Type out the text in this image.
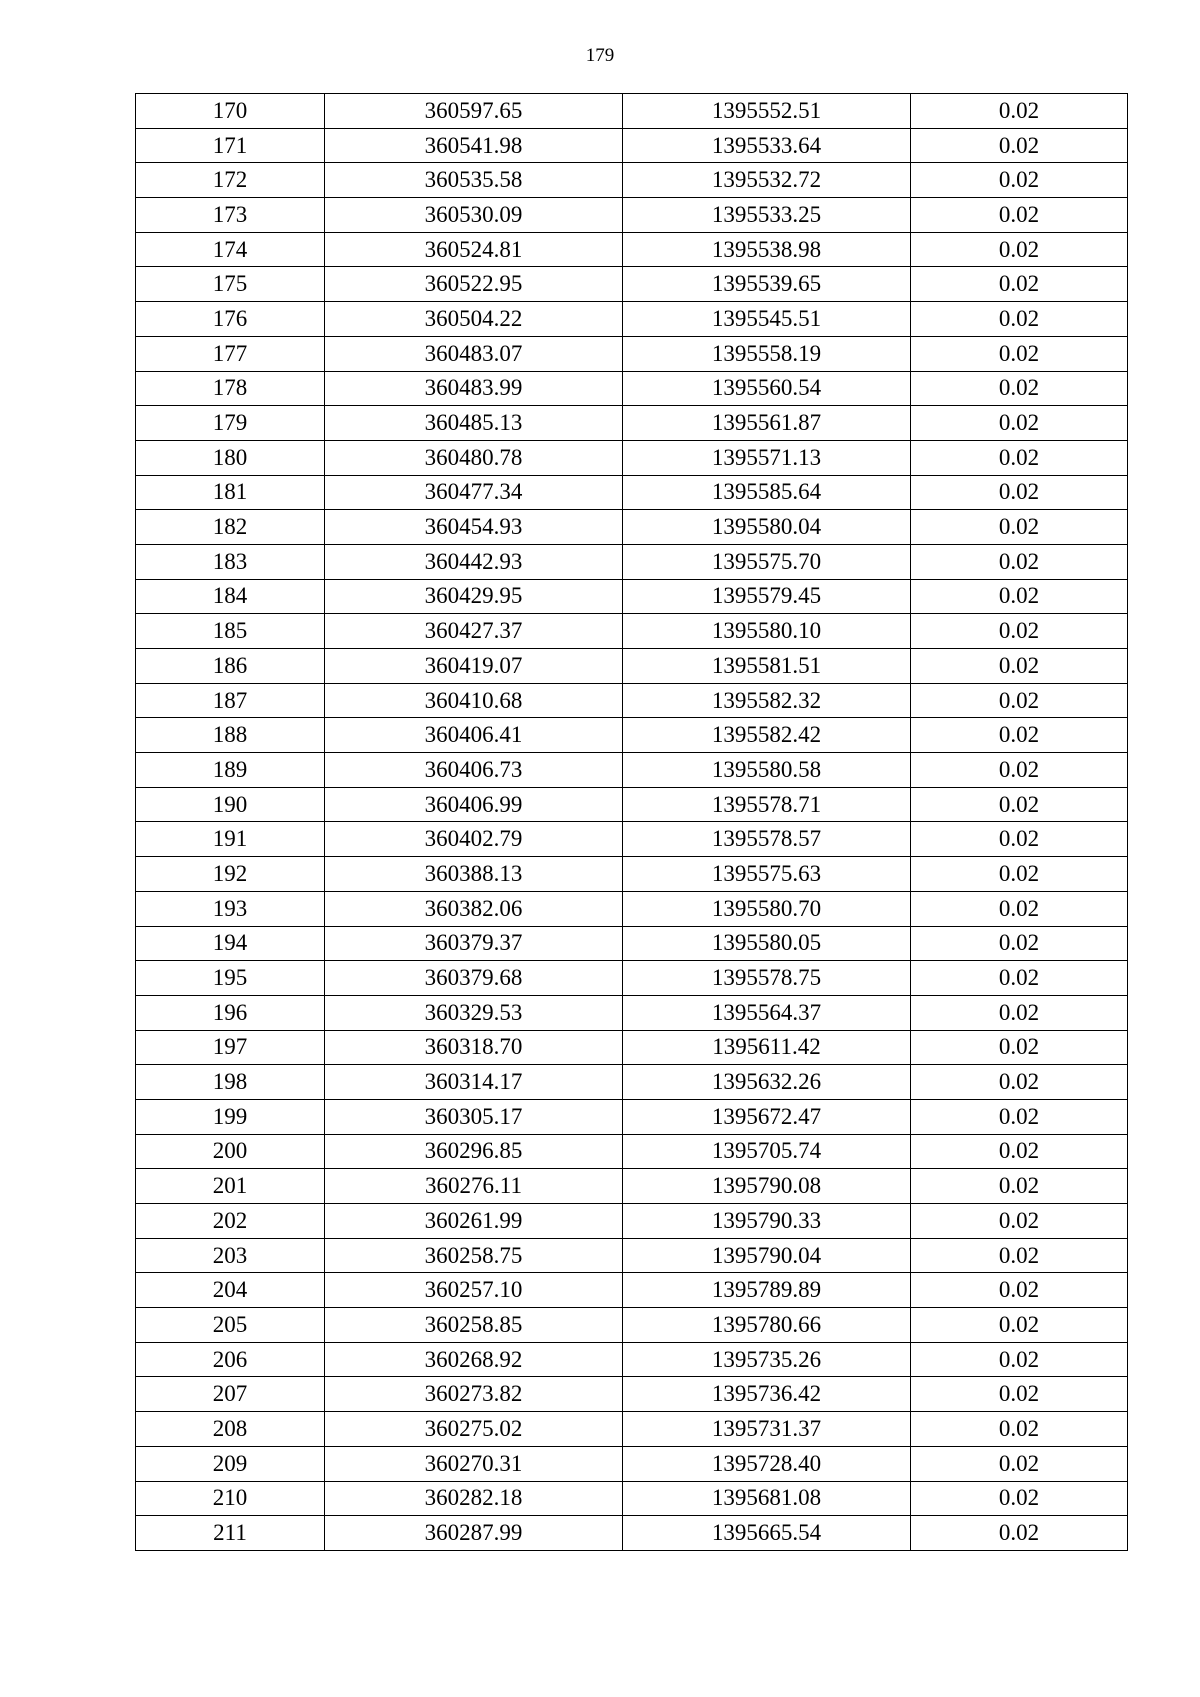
179
170	360597.65	1395552.51	0.02
171	360541.98	1395533.64	0.02
172	360535.58	1395532.72	0.02
173	360530.09	1395533.25	0.02
174	360524.81	1395538.98	0.02
175	360522.95	1395539.65	0.02
176	360504.22	1395545.51	0.02
177	360483.07	1395558.19	0.02
178	360483.99	1395560.54	0.02
179	360485.13	1395561.87	0.02
180	360480.78	1395571.13	0.02
181	360477.34	1395585.64	0.02
182	360454.93	1395580.04	0.02
183	360442.93	1395575.70	0.02
184	360429.95	1395579.45	0.02
185	360427.37	1395580.10	0.02
186	360419.07	1395581.51	0.02
187	360410.68	1395582.32	0.02
188	360406.41	1395582.42	0.02
189	360406.73	1395580.58	0.02
190	360406.99	1395578.71	0.02
191	360402.79	1395578.57	0.02
192	360388.13	1395575.63	0.02
193	360382.06	1395580.70	0.02
194	360379.37	1395580.05	0.02
195	360379.68	1395578.75	0.02
196	360329.53	1395564.37	0.02
197	360318.70	1395611.42	0.02
198	360314.17	1395632.26	0.02
199	360305.17	1395672.47	0.02
200	360296.85	1395705.74	0.02
201	360276.11	1395790.08	0.02
202	360261.99	1395790.33	0.02
203	360258.75	1395790.04	0.02
204	360257.10	1395789.89	0.02
205	360258.85	1395780.66	0.02
206	360268.92	1395735.26	0.02
207	360273.82	1395736.42	0.02
208	360275.02	1395731.37	0.02
209	360270.31	1395728.40	0.02
210	360282.18	1395681.08	0.02
211	360287.99	1395665.54	0.02
